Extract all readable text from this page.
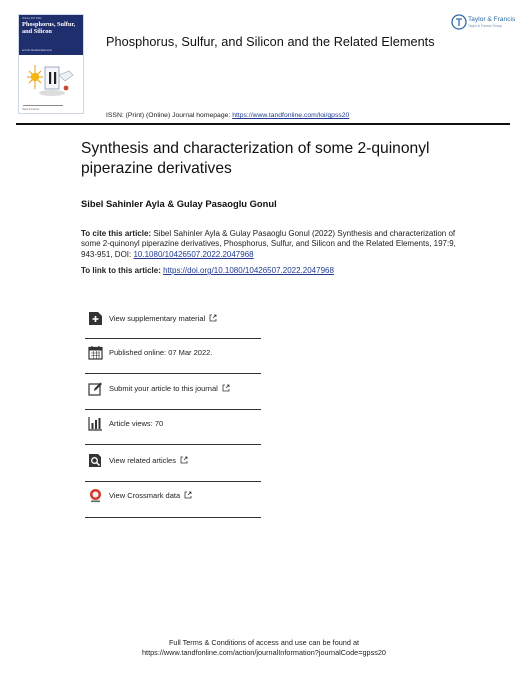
Volume 197 2022
Phosphorus, Sulfur, and Silicon
and the Related Elements
Taylor & Francis
Taylor & Francis
Taylor & Francis Group
Phosphorus, Sulfur, and Silicon and the Related Elements
ISSN: (Print) (Online) Journal homepage: https://www.tandfonline.com/loi/gpss20
Synthesis and characterization of some 2-quinonyl piperazine derivatives
Sibel Sahinler Ayla & Gulay Pasaoglu Gonul
To cite this article: Sibel Sahinler Ayla & Gulay Pasaoglu Gonul (2022) Synthesis and characterization of some 2-quinonyl piperazine derivatives, Phosphorus, Sulfur, and Silicon and the Related Elements, 197:9, 943-951, DOI: 10.1080/10426507.2022.2047968
To link to this article: https://doi.org/10.1080/10426507.2022.2047968
View supplementary material
Published online: 07 Mar 2022.
Submit your article to this journal
Article views: 70
View related articles
View Crossmark data
Full Terms & Conditions of access and use can be found at
https://www.tandfonline.com/action/journalInformation?journalCode=gpss20
